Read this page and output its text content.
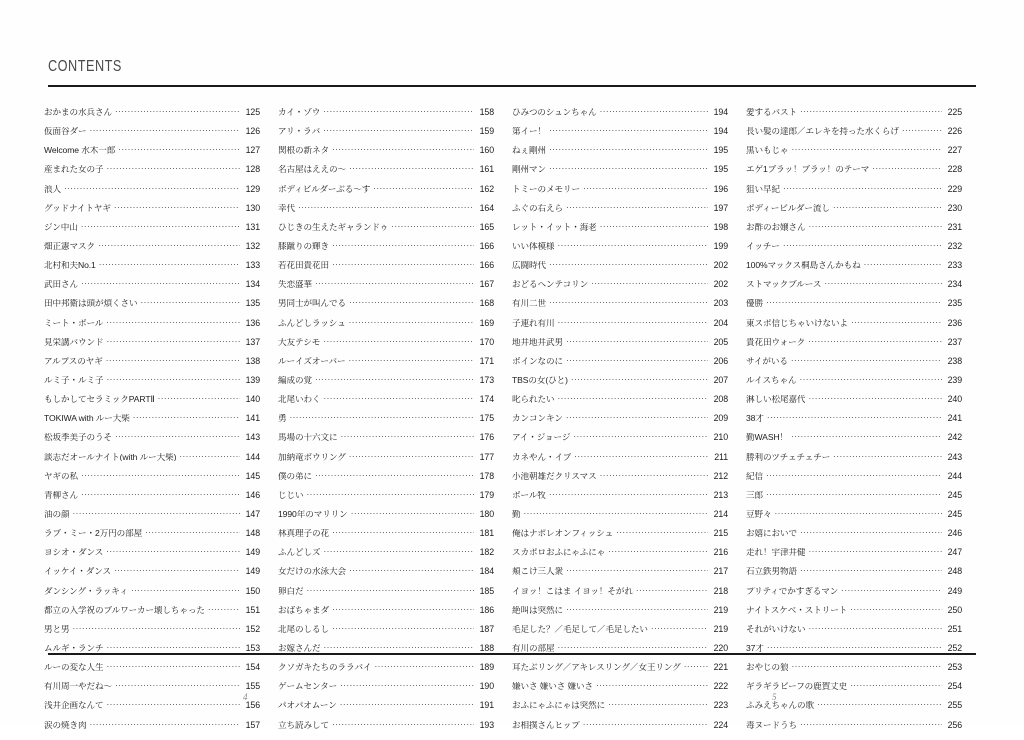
CONTENTS
おかまの水兵さん ·····	125
仮面谷ダー ·····	126
Welcome 水木一郎 ·····	127
産まれた女の子 ·····	128
浪人 ·····	129
グッドナイトヤギ ·····	130
ジン中山 ·····	131
畑正憲マスク ·····	132
北村和夫No.1 ·····	133
武田さん ·····	134
田中邦衛は頭が煩くさい ·····	135
ミート・ボール ·····	136
見栄講バウンド ·····	137
アルプスのヤギ ·····	138
ルミ子・ルミ子 ·····	139
もしかしてセラミックPARTⅡ ·····	140
TOKIWA with ルー大柴 ·····	141
松坂季美子のうそ ·····	143
談志だオールナイト(with ルー大柴) ·····	144
ヤギの私 ·····	145
青柳さん ·····	146
油の顔 ·····	147
ラブ・ミー・2万円の部屋 ·····	148
ヨシオ・ダンス ·····	149
イッケイ・ダンス ·····	149
ダンシング・ラッキィ ·····	150
都立の入学祝のブルワーカー壊しちゃった ·····	151
男と男 ·····	152
ムルギ・ランチ ·····	153
ルーの変な人生 ·····	154
有川周一やだね～ ·····	155
浅井企画なんて ·····	156
涙の焼き肉 ·····	157
カイ・ゾウ ·····	158
アリ・ラバ ·····	159
関根の新ネタ ·····	160
名古屋はええの～ ·····	161
ボディビルダーぶる～す ·····	162
幸代 ·····	164
ひじきの生えたギャランドゥ ·····	165
膝蹴りの輝き ·····	166
若花田貴花田 ·····	166
失恋盛華 ·····	167
男同士が叫んでる ·····	168
ふんどしラッシュ ·····	169
大友テシモ ·····	170
ルーイズオーバー ·····	171
編成の覚 ·····	173
北尾いわく ·····	174
勇 ·····	175
馬場の十六文に ·····	176
加納竜ボウリング ·····	177
僕の弟に ·····	178
じじい ·····	179
1990年のマリリン ·····	180
林真理子の花 ·····	181
ふんどしズ ·····	182
女だけの水泳大会 ·····	184
卵白だ ·····	185
おばちゃまダ ·····	186
北尾のしるし ·····	187
お嫁さんだ ·····	188
クソガキたちのララバイ ·····	189
ゲームセンター ·····	190
パオパオムーン ·····	191
立ち読みして ·····	193
ひみつのシュンちゃん ·····	194
第イー！ ·····	194
ねぇ剛州 ·····	195
剛州マン ·····	195
トミーのメモリー ·····	196
ふぐの右えら ·····	197
レット・イット・海老 ·····	198
いい体模様 ·····	199
広闘時代 ·····	202
おどるヘンテコリン ·····	202
有川二世 ·····	203
子連れ有川 ·····	204
地井地井武男 ·····	205
ボインなのに ·····	206
TBSの女(ひと) ·····	207
叱られたい ·····	208
カンコンキン ·····	209
アイ・ジョージ ·····	210
カネやん・イブ ·····	211
小池朝雄だクリスマス ·····	212
ボール牧 ·····	213
勤 ·····	214
俺はナポレオンフィッシュ ·····	215
スカポロおふにゃふにゃ ·····	216
頬こけ三人衆 ·····	217
イヨッ！こはま イヨッ！そがれ ·····	218
絶叫は突然に ·····	219
毛足した？／毛足して／毛足したい ·····	219
有川の部屋 ·····	220
耳たぶリング／アキレスリング／女王リング ·····	221
嫌いさ 嫌いさ 嫌いさ ·····	222
おふにゃふにゃは突然に ·····	223
お相撲さんヒップ ·····	224
愛するバスト ·····	225
長い髪の達郎／エレキを持った水くらげ ·····	226
黒いもじゃ ·····	227
エゲ1ブラッ！ブラッ！のテーマ ·····	228
狙い早紀 ·····	229
ボディービルダー流し ·····	230
お酢のお嬢さん ·····	231
イッチー ·····	232
100%マックス桐島さんかもね ·····	233
ストマックブルース ·····	234
優勝 ·····	235
東スポ信じちゃいけないよ ·····	236
貴花田ウォーク ·····	237
サイがいる ·····	238
ルイスちゃん ·····	239
淋しい松尾嘉代 ·····	240
38才 ·····	241
勤WASH！ ·····	242
勝利のツチェチェチー ·····	243
紀信 ·····	244
三郎 ·····	245
豆野々 ·····	245
お嬉においで ·····	246
走れ！宇津井健 ·····	247
石立鉄男物語 ·····	248
プリティでかすぎるマン ·····	249
ナイトスケベ・ストリート ·····	250
それがいけない ·····	251
37才 ·····	252
おやじの狼 ·····	253
ギラギラビーフの鹿賀丈史 ·····	254
ふみえちゃんの歌 ·····	255
毒ヌードうち ·····	256
4	5
